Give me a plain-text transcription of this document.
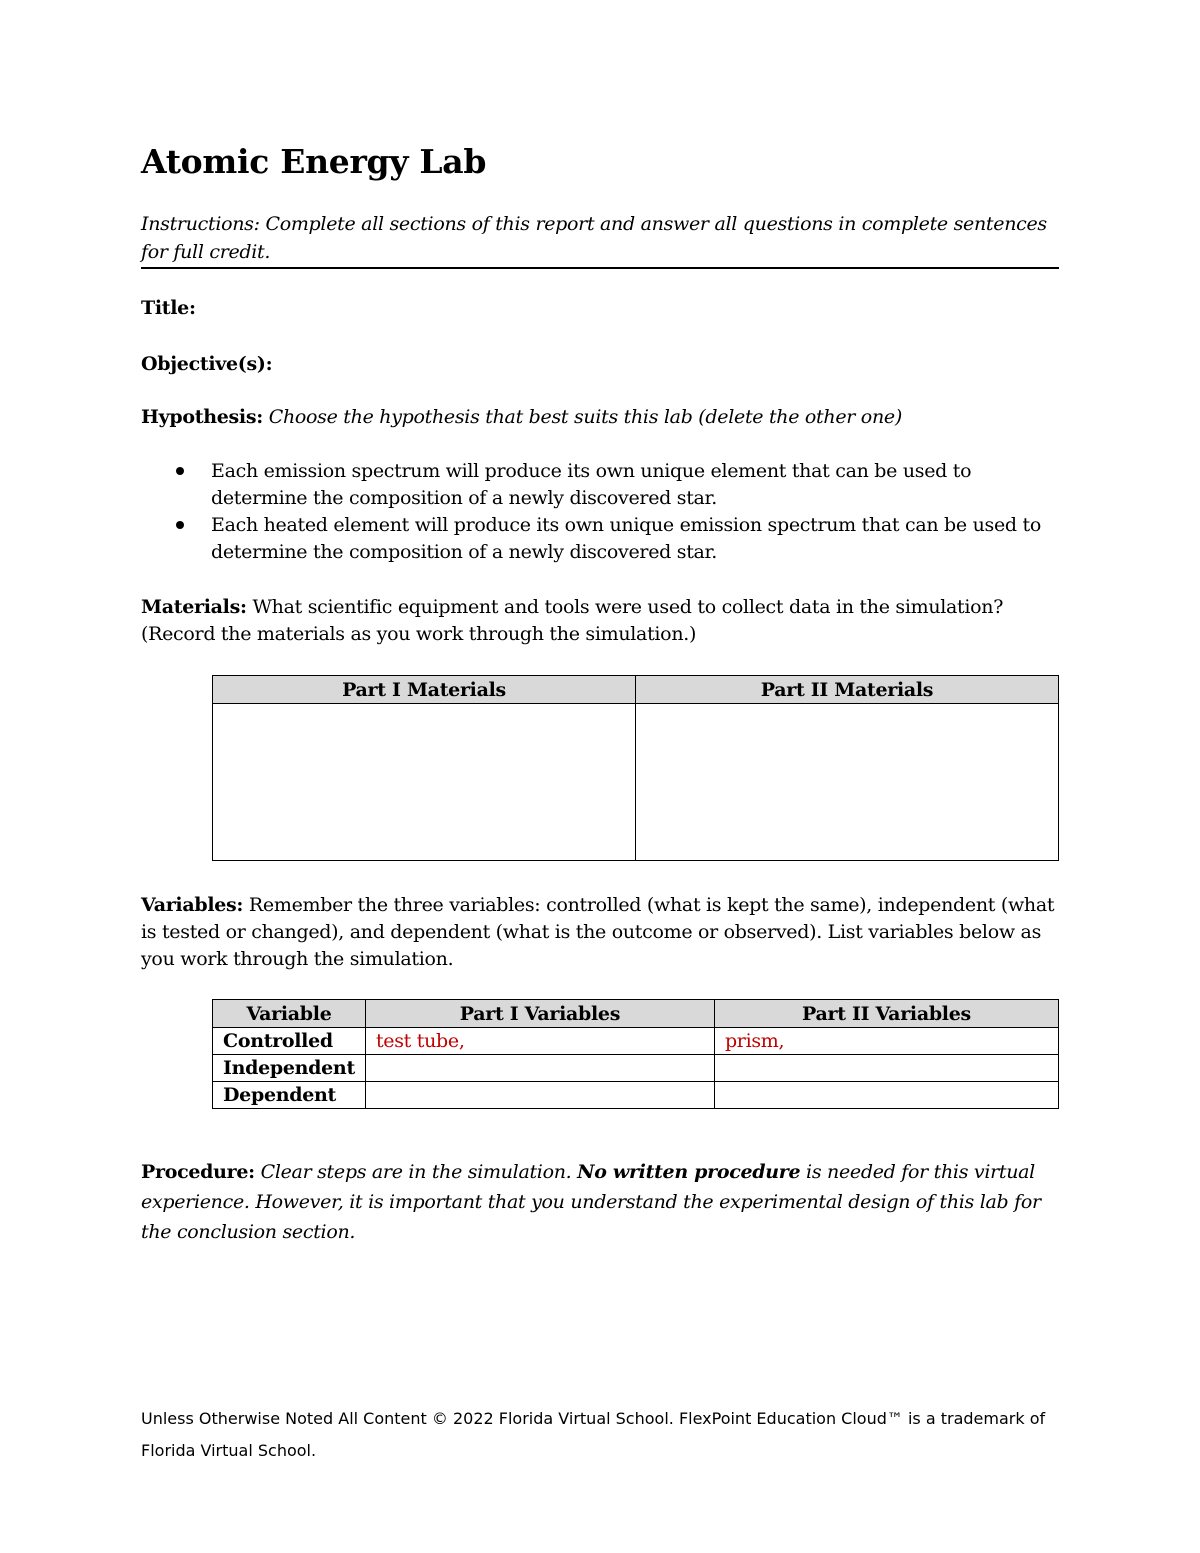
Atomic Energy Lab

Instructions: Complete all sections of this report and answer all questions in complete sentences for full credit.

Title:

Objective(s):

Hypothesis: Choose the hypothesis that best suits this lab (delete the other one)

Each emission spectrum will produce its own unique element that can be used to determine the composition of a newly discovered star.
Each heated element will produce its own unique emission spectrum that can be used to determine the composition of a newly discovered star.

Materials: What scientific equipment and tools were used to collect data in the simulation? (Record the materials as you work through the simulation.)

Part I Materials	Part II Materials

Variables: Remember the three variables: controlled (what is kept the same), independent (what is tested or changed), and dependent (what is the outcome or observed). List variables below as you work through the simulation.

Variable	Part I Variables	Part II Variables
Controlled	test tube,	prism,
Independent		
Dependent		

Procedure: Clear steps are in the simulation. No written procedure is needed for this virtual experience. However, it is important that you understand the experimental design of this lab for the conclusion section.

Unless Otherwise Noted All Content © 2022 Florida Virtual School. FlexPoint Education Cloud™ is a trademark of Florida Virtual School.
